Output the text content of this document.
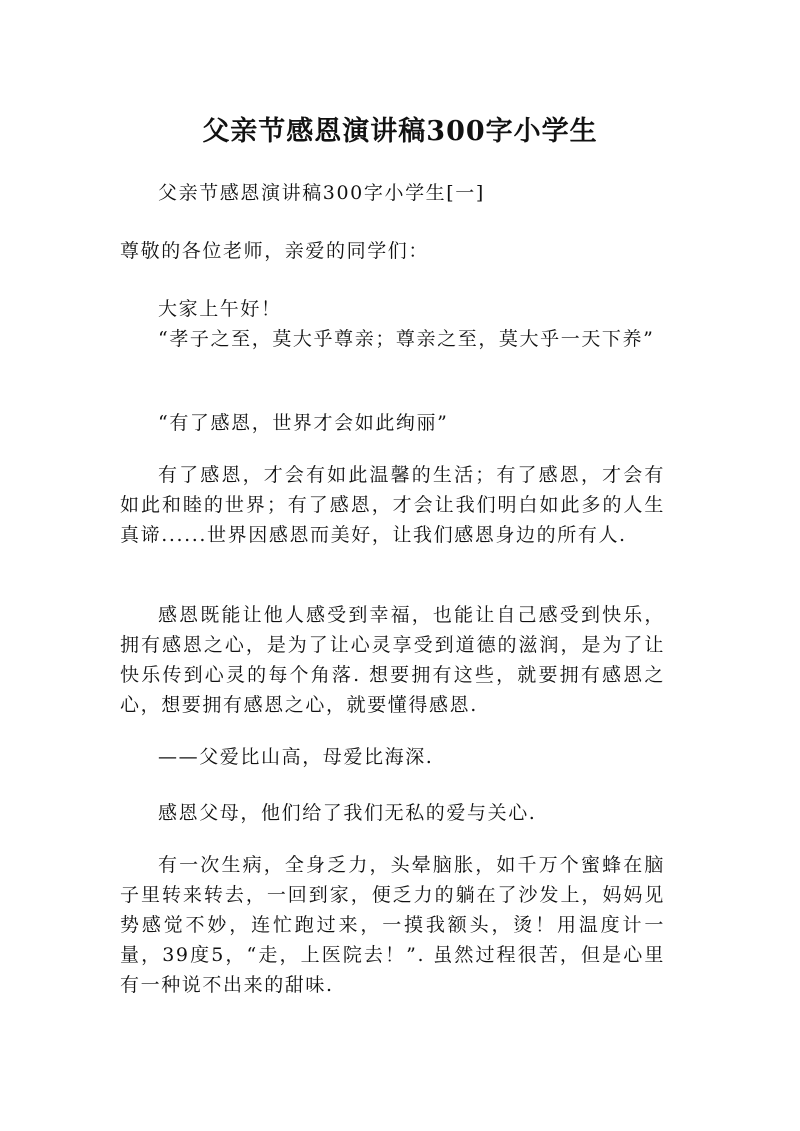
父亲节感恩演讲稿300字小学生

父亲节感恩演讲稿300字小学生[一]

尊敬的各位老师，亲爱的同学们：

大家上午好！

“孝子之至，莫大乎尊亲；尊亲之至，莫大乎一天下养”

“有了感恩，世界才会如此绚丽”

有了感恩，才会有如此温馨的生活；有了感恩，才会有如此和睦的世界；有了感恩，才会让我们明白如此多的人生真谛......世界因感恩而美好，让我们感恩身边的所有人.

感恩既能让他人感受到幸福，也能让自己感受到快乐，拥有感恩之心，是为了让心灵享受到道德的滋润，是为了让快乐传到心灵的每个角落. 想要拥有这些，就要拥有感恩之心，想要拥有感恩之心，就要懂得感恩.

——父爱比山高，母爱比海深.

感恩父母，他们给了我们无私的爱与关心.

有一次生病，全身乏力，头晕脑胀，如千万个蜜蜂在脑子里转来转去，一回到家，便乏力的躺在了沙发上，妈妈见势感觉不妙，连忙跑过来，一摸我额头，烫！用温度计一量，39度5，“走，上医院去！”. 虽然过程很苦，但是心里有一种说不出来的甜味.
